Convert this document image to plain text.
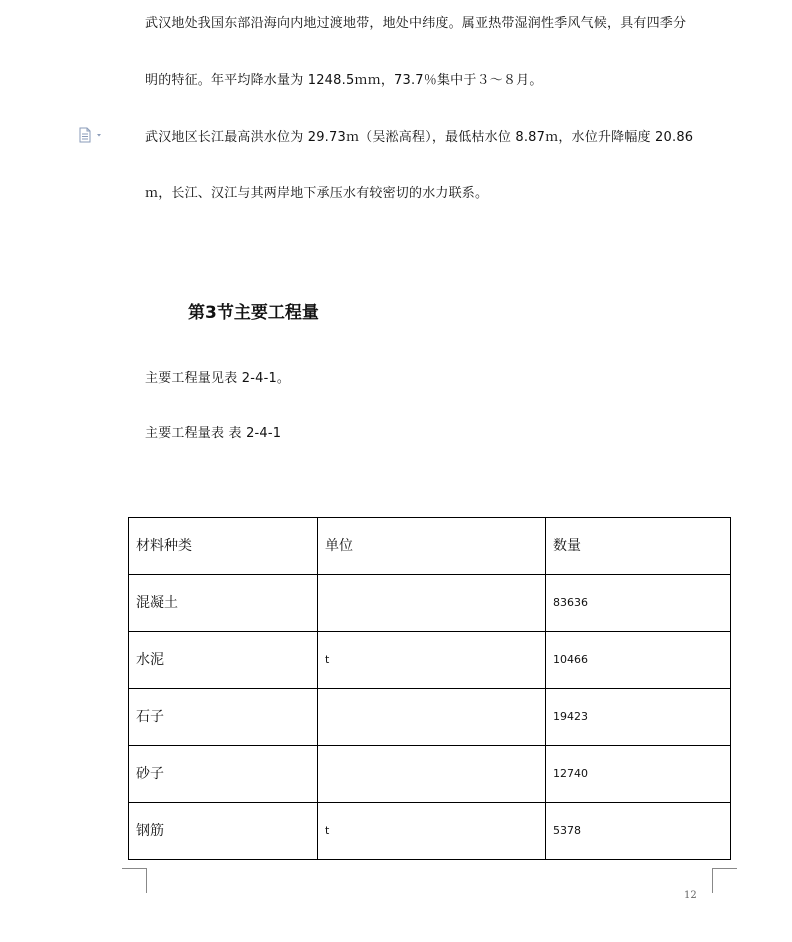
武汉地处我国东部沿海向内地过渡地带，地处中纬度。属亚热带湿润性季风气候，具有四季分
明的特征。年平均降水量为 1248.5ｍｍ，73.7％集中于３～８月。
武汉地区长江最高洪水位为 29.73ｍ（吴淞高程），最低枯水位 8.87ｍ，水位升降幅度 20.86
ｍ，长江、汉江与其两岸地下承压水有较密切的水力联系。
第3节主要工程量
主要工程量见表 2-4-1。
主要工程量表 表 2-4-1
材料种类	单位	数量
混凝土		83636
水泥	t	10466
石子		19423
砂子		12740
钢筋	t	5378
12
